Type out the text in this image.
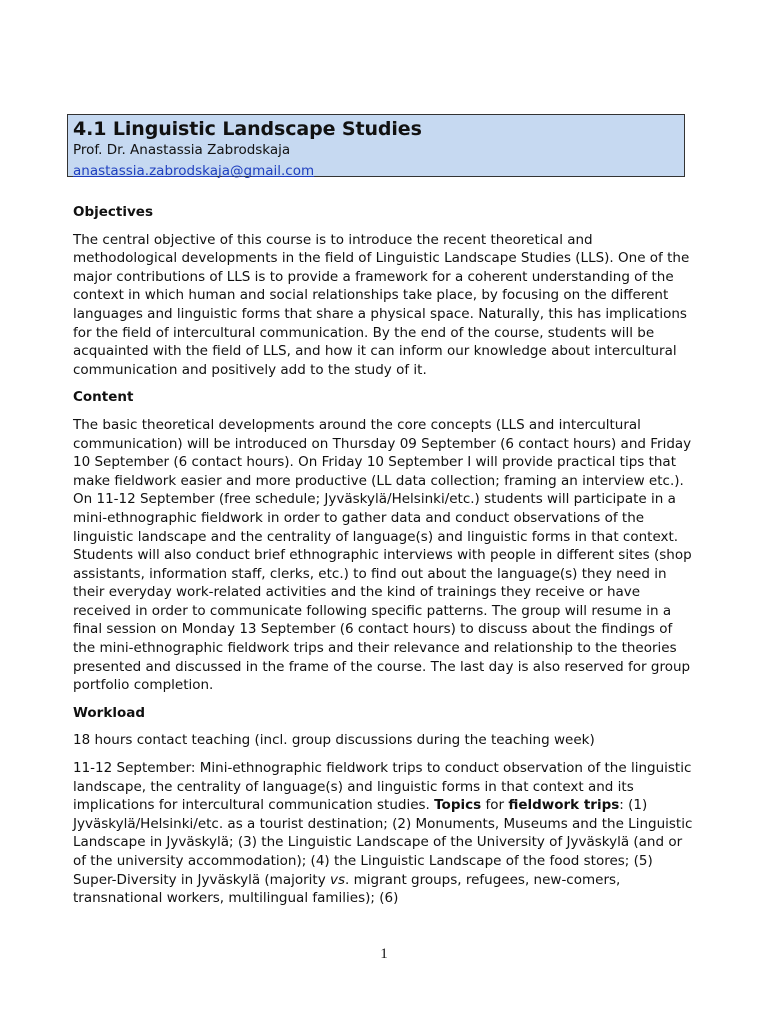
4.1 Linguistic Landscape Studies
Prof. Dr. Anastassia Zabrodskaja
anastassia.zabrodskaja@gmail.com
Objectives
The central objective of this course is to introduce the recent theoretical and methodological developments in the field of Linguistic Landscape Studies (LLS). One of the major contributions of LLS is to provide a framework for a coherent understanding of the context in which human and social relationships take place, by focusing on the different languages and linguistic forms that share a physical space. Naturally, this has implications for the field of intercultural communication. By the end of the course, students will be acquainted with the field of LLS, and how it can inform our knowledge about intercultural communication and positively add to the study of it.
Content
The basic theoretical developments around the core concepts (LLS and intercultural communication) will be introduced on Thursday 09 September (6 contact hours) and Friday 10 September (6 contact hours). On Friday 10 September I will provide practical tips that make fieldwork easier and more productive (LL data collection; framing an interview etc.). On 11-12 September (free schedule; Jyväskylä/Helsinki/etc.) students will participate in a mini-ethnographic fieldwork in order to gather data and conduct observations of the linguistic landscape and the centrality of language(s) and linguistic forms in that context. Students will also conduct brief ethnographic interviews with people in different sites (shop assistants, information staff, clerks, etc.) to find out about the language(s) they need in their everyday work-related activities and the kind of trainings they receive or have received in order to communicate following specific patterns. The group will resume in a final session on Monday 13 September (6 contact hours) to discuss about the findings of the mini-ethnographic fieldwork trips and their relevance and relationship to the theories presented and discussed in the frame of the course. The last day is also reserved for group portfolio completion.
Workload
18 hours contact teaching (incl. group discussions during the teaching week)
11-12 September: Mini-ethnographic fieldwork trips to conduct observation of the linguistic landscape, the centrality of language(s) and linguistic forms in that context and its implications for intercultural communication studies. Topics for fieldwork trips: (1) Jyväskylä/Helsinki/etc. as a tourist destination; (2) Monuments, Museums and the Linguistic Landscape in Jyväskylä; (3) the Linguistic Landscape of the University of Jyväskylä (and or of the university accommodation); (4) the Linguistic Landscape of the food stores; (5) Super-Diversity in Jyväskylä (majority vs. migrant groups, refugees, new-comers, transnational workers, multilingual families); (6)
1
